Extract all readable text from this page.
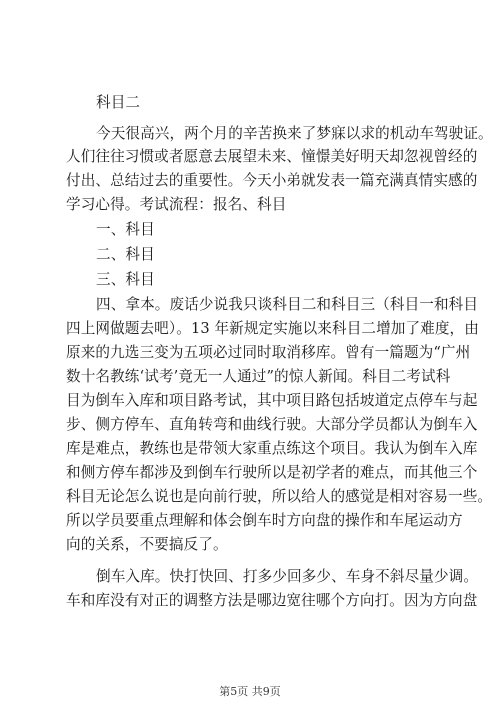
科目二
今天很高兴，两个月的辛苦换来了梦寐以求的机动车驾驶证。
人们往往习惯或者愿意去展望未来、憧憬美好明天却忽视曾经的
付出、总结过去的重要性。今天小弟就发表一篇充满真情实感的
学习心得。考试流程：报名、科目
一、科目
二、科目
三、科目
四、拿本。废话少说我只谈科目二和科目三（科目一和科目
四上网做题去吧）。13 年新规定实施以来科目二增加了难度，由
原来的九选三变为五项必过同时取消移库。曾有一篇题为“广州
数十名教练‘试考’竟无一人通过”的惊人新闻。科目二考试科
目为倒车入库和项目路考试，其中项目路包括坡道定点停车与起
步、侧方停车、直角转弯和曲线行驶。大部分学员都认为倒车入
库是难点，教练也是带领大家重点练这个项目。我认为倒车入库
和侧方停车都涉及到倒车行驶所以是初学者的难点，而其他三个
科目无论怎么说也是向前行驶，所以给人的感觉是相对容易一些。
所以学员要重点理解和体会倒车时方向盘的操作和车尾运动方
向的关系，不要搞反了。
倒车入库。快打快回、打多少回多少、车身不斜尽量少调。
车和库没有对正的调整方法是哪边宽往哪个方向打。因为方向盘
第5页 共9页
